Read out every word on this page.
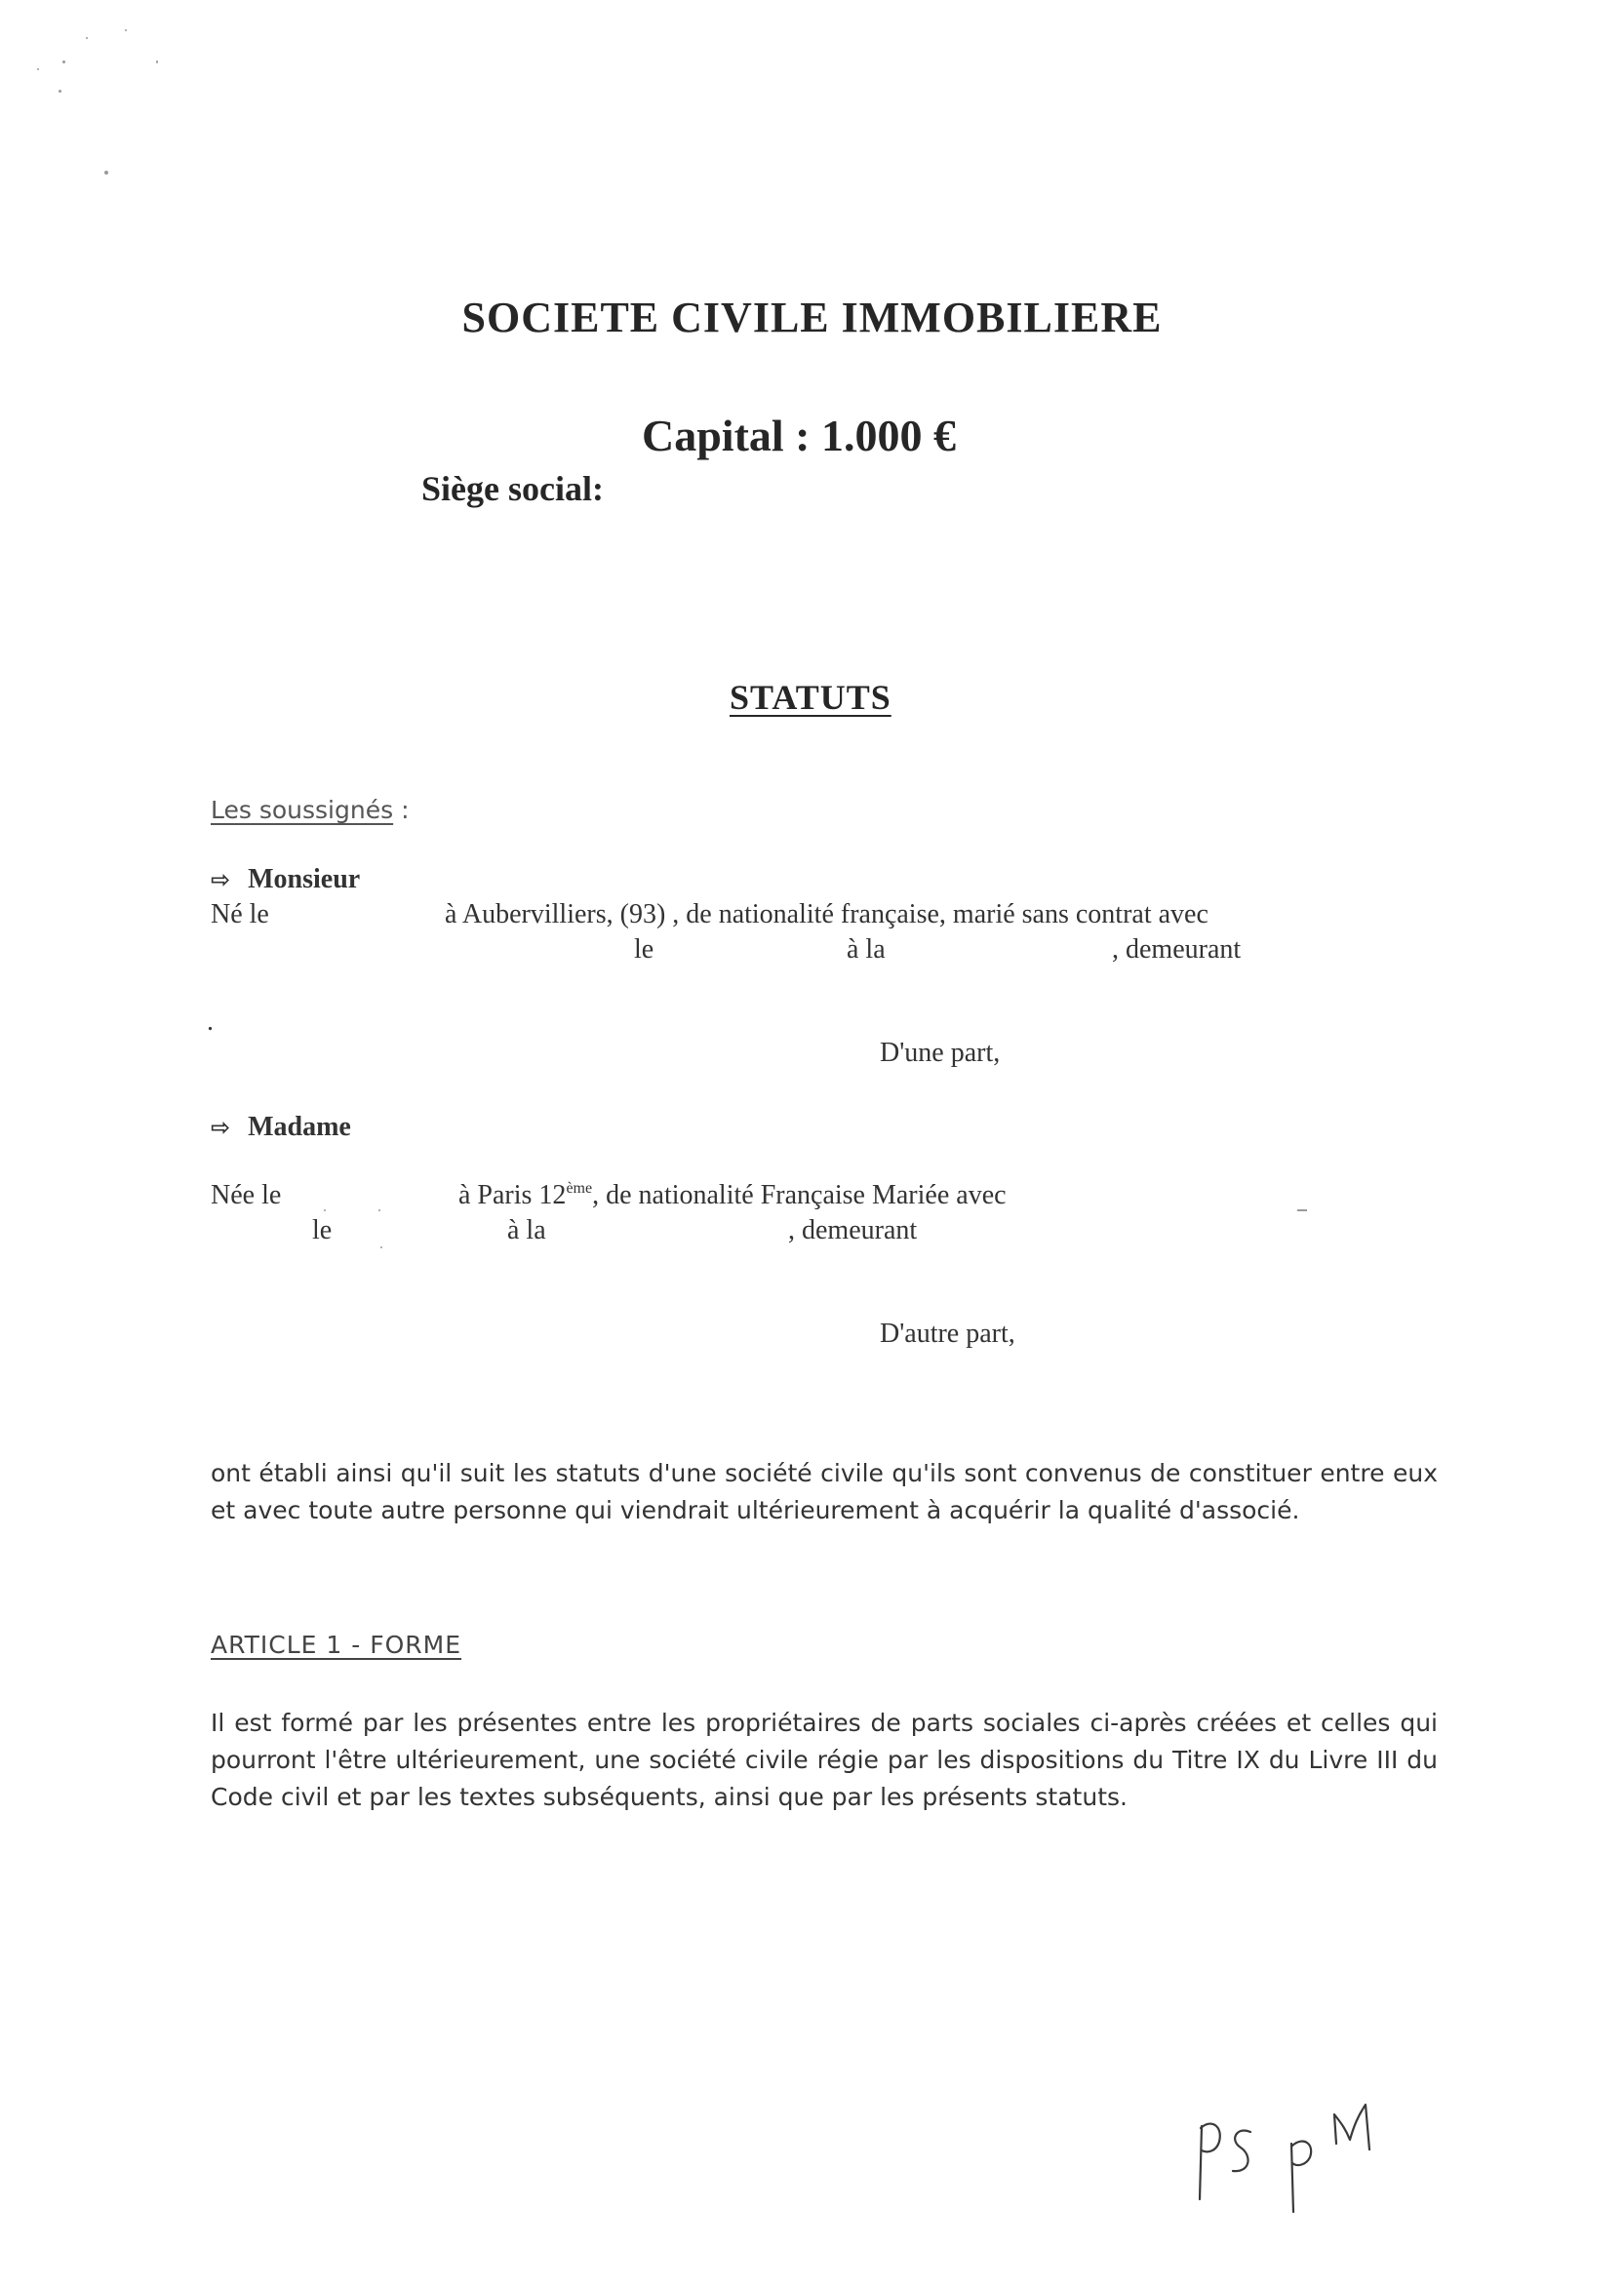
SOCIETE CIVILE IMMOBILIERE
Capital : 1.000 €
Siège social:
STATUTS
Les soussignés :
⇨ Monsieur
Né le	à Aubervilliers, (93) , de nationalité française, marié sans contrat avec
le	à la	, demeurant
.
D'une part,
⇨ Madame
Née le	à Paris 12ème, de nationalité Française Mariée avec
le	à la	, demeurant
D'autre part,
ont établi ainsi qu'il suit les statuts d'une société civile qu'ils sont convenus de constituer entre eux et avec toute autre personne qui viendrait ultérieurement à acquérir la qualité d'associé.
ARTICLE 1 - FORME
Il est formé par les présentes entre les propriétaires de parts sociales ci-après créées et celles qui pourront l'être ultérieurement, une société civile régie par les dispositions du Titre IX du Livre III du Code civil et par les textes subséquents, ainsi que par les présents statuts.
